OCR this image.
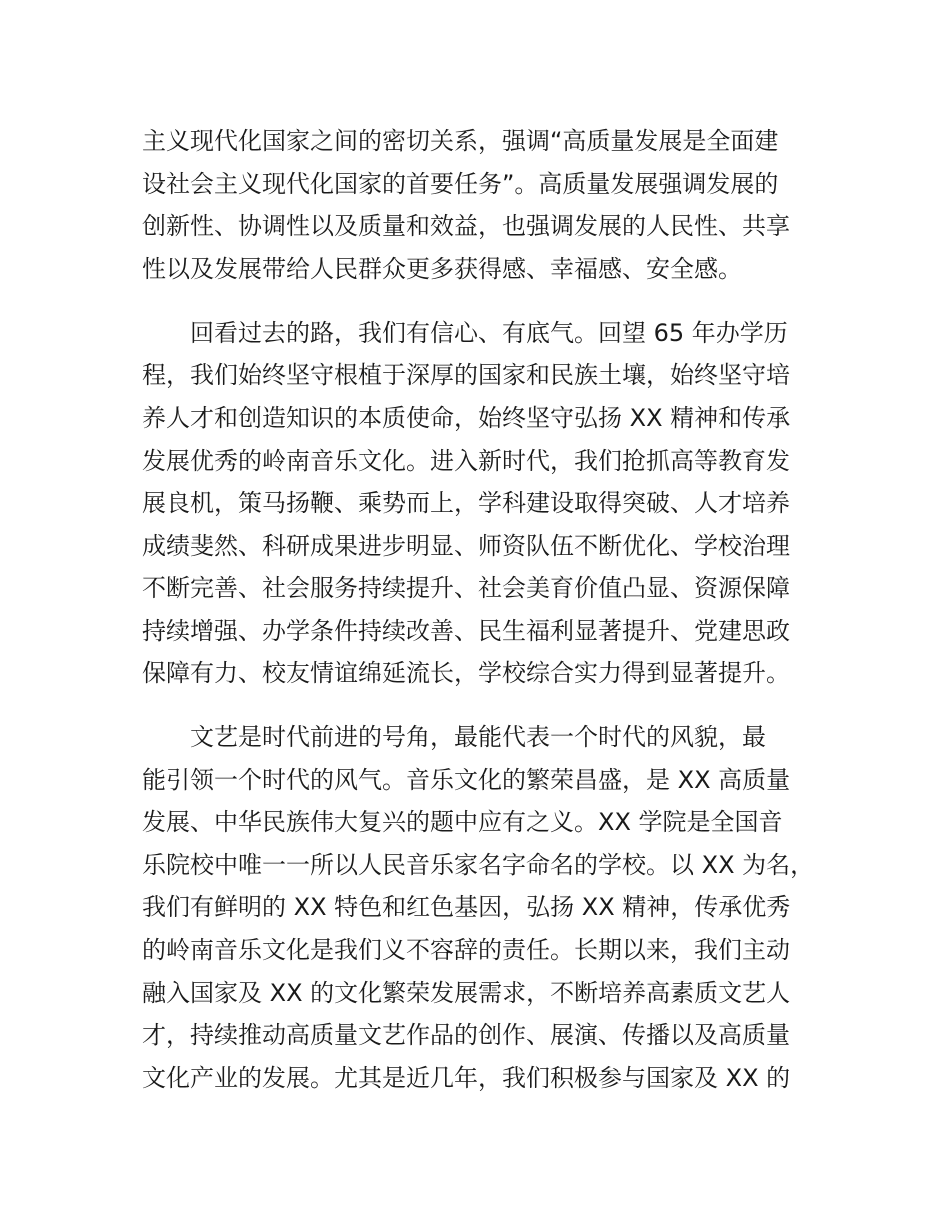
主义现代化国家之间的密切关系，强调“高质量发展是全面建

设社会主义现代化国家的首要任务”。高质量发展强调发展的

创新性、协调性以及质量和效益，也强调发展的人民性、共享

性以及发展带给人民群众更多获得感、幸福感、安全感。

回看过去的路，我们有信心、有底气。回望 65 年办学历

程，我们始终坚守根植于深厚的国家和民族土壤，始终坚守培

养人才和创造知识的本质使命，始终坚守弘扬 XX 精神和传承

发展优秀的岭南音乐文化。进入新时代，我们抢抓高等教育发

展良机，策马扬鞭、乘势而上，学科建设取得突破、人才培养

成绩斐然、科研成果进步明显、师资队伍不断优化、学校治理

不断完善、社会服务持续提升、社会美育价值凸显、资源保障

持续增强、办学条件持续改善、民生福利显著提升、党建思政

保障有力、校友情谊绵延流长，学校综合实力得到显著提升。

文艺是时代前进的号角，最能代表一个时代的风貌，最

能引领一个时代的风气。音乐文化的繁荣昌盛，是 XX 高质量

发展、中华民族伟大复兴的题中应有之义。XX 学院是全国音

乐院校中唯一一所以人民音乐家名字命名的学校。以 XX 为名，

我们有鲜明的 XX 特色和红色基因，弘扬 XX 精神，传承优秀

的岭南音乐文化是我们义不容辞的责任。长期以来，我们主动

融入国家及 XX 的文化繁荣发展需求，不断培养高素质文艺人

才，持续推动高质量文艺作品的创作、展演、传播以及高质量

文化产业的发展。尤其是近几年，我们积极参与国家及 XX 的
